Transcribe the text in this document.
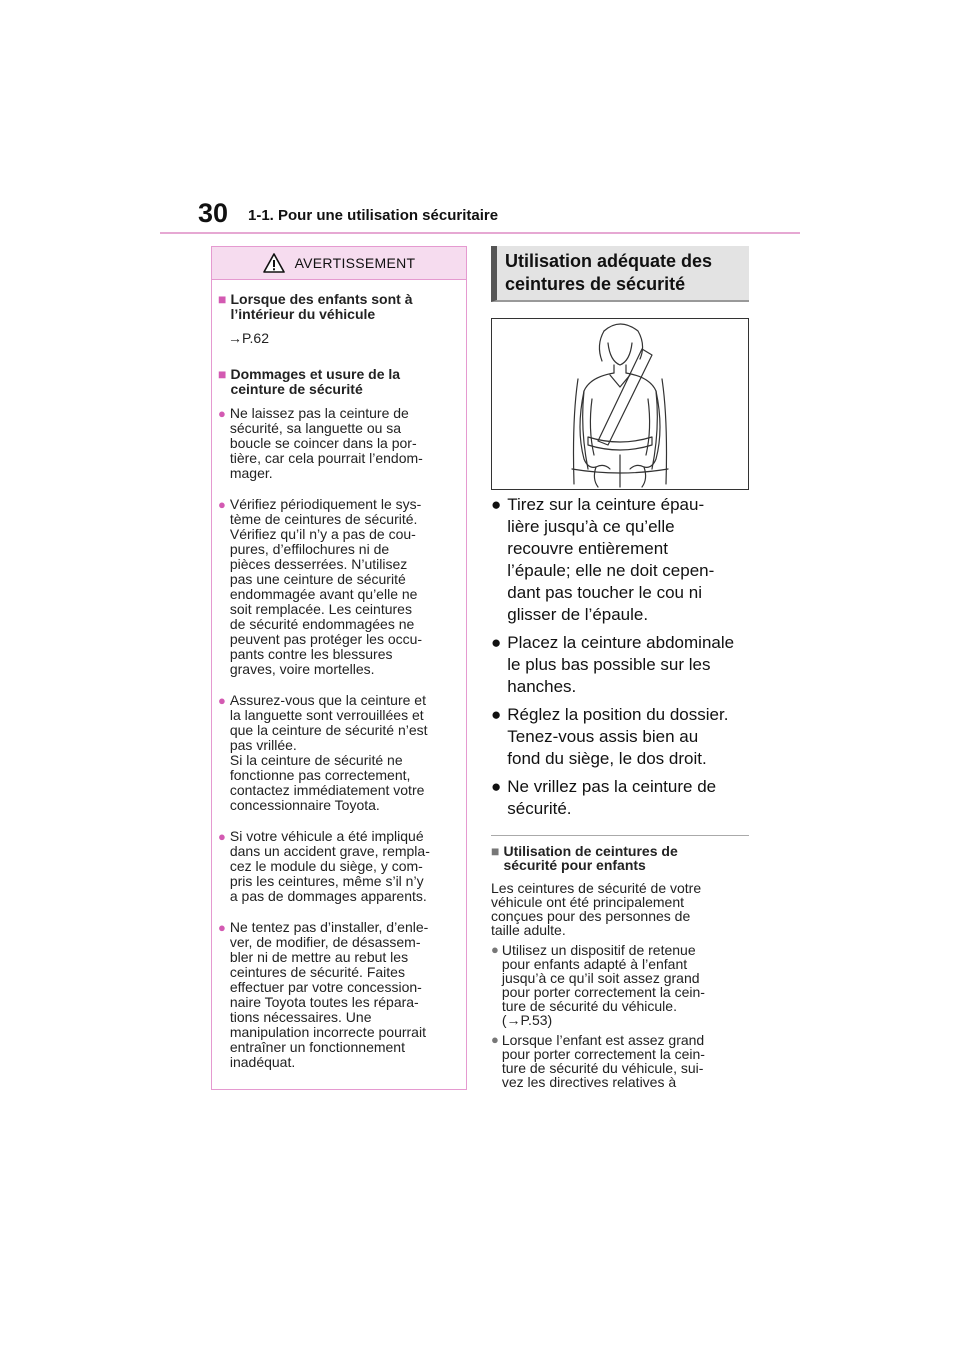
30 1-1. Pour une utilisation sécuritaire
AVERTISSEMENT
■ Lorsque des enfants sont à l’intérieur du véhicule
→P.62
■ Dommages et usure de la ceinture de sécurité
● Ne laissez pas la ceinture de
sécurité, sa languette ou sa
boucle se coincer dans la por-
tière, car cela pourrait l’endom-
mager.
● Vérifiez périodiquement le sys-
tème de ceintures de sécurité.
Vérifiez qu’il n’y a pas de cou-
pures, d’effilochures ni de
pièces desserrées. N’utilisez
pas une ceinture de sécurité
endommagée avant qu’elle ne
soit remplacée. Les ceintures
de sécurité endommagées ne
peuvent pas protéger les occu-
pants contre les blessures
graves, voire mortelles.
● Assurez-vous que la ceinture et
la languette sont verrouillées et
que la ceinture de sécurité n’est
pas vrillée.
Si la ceinture de sécurité ne
fonctionne pas correctement,
contactez immédiatement votre
concessionnaire Toyota.
● Si votre véhicule a été impliqué
dans un accident grave, rempla-
cez le module du siège, y com-
pris les ceintures, même s’il n’y
a pas de dommages apparents.
● Ne tentez pas d’installer, d’enle-
ver, de modifier, de désassem-
bler ni de mettre au rebut les
ceintures de sécurité. Faites
effectuer par votre concession-
naire Toyota toutes les répara-
tions nécessaires. Une
manipulation incorrecte pourrait
entraîner un fonctionnement
inadéquat.
Utilisation adéquate des
ceintures de sécurité
● Tirez sur la ceinture épau-
lière jusqu’à ce qu’elle
recouvre entièrement
l’épaule; elle ne doit cepen-
dant pas toucher le cou ni
glisser de l’épaule.
● Placez la ceinture abdominale
le plus bas possible sur les
hanches.
● Réglez la position du dossier.
Tenez-vous assis bien au
fond du siège, le dos droit.
● Ne vrillez pas la ceinture de
sécurité.
■ Utilisation de ceintures de
sécurité pour enfants
Les ceintures de sécurité de votre
véhicule ont été principalement
conçues pour des personnes de
taille adulte.
● Utilisez un dispositif de retenue
pour enfants adapté à l’enfant
jusqu’à ce qu’il soit assez grand
pour porter correctement la cein-
ture de sécurité du véhicule.
(→P.53)
● Lorsque l’enfant est assez grand
pour porter correctement la cein-
ture de sécurité du véhicule, sui-
vez les directives relatives à
